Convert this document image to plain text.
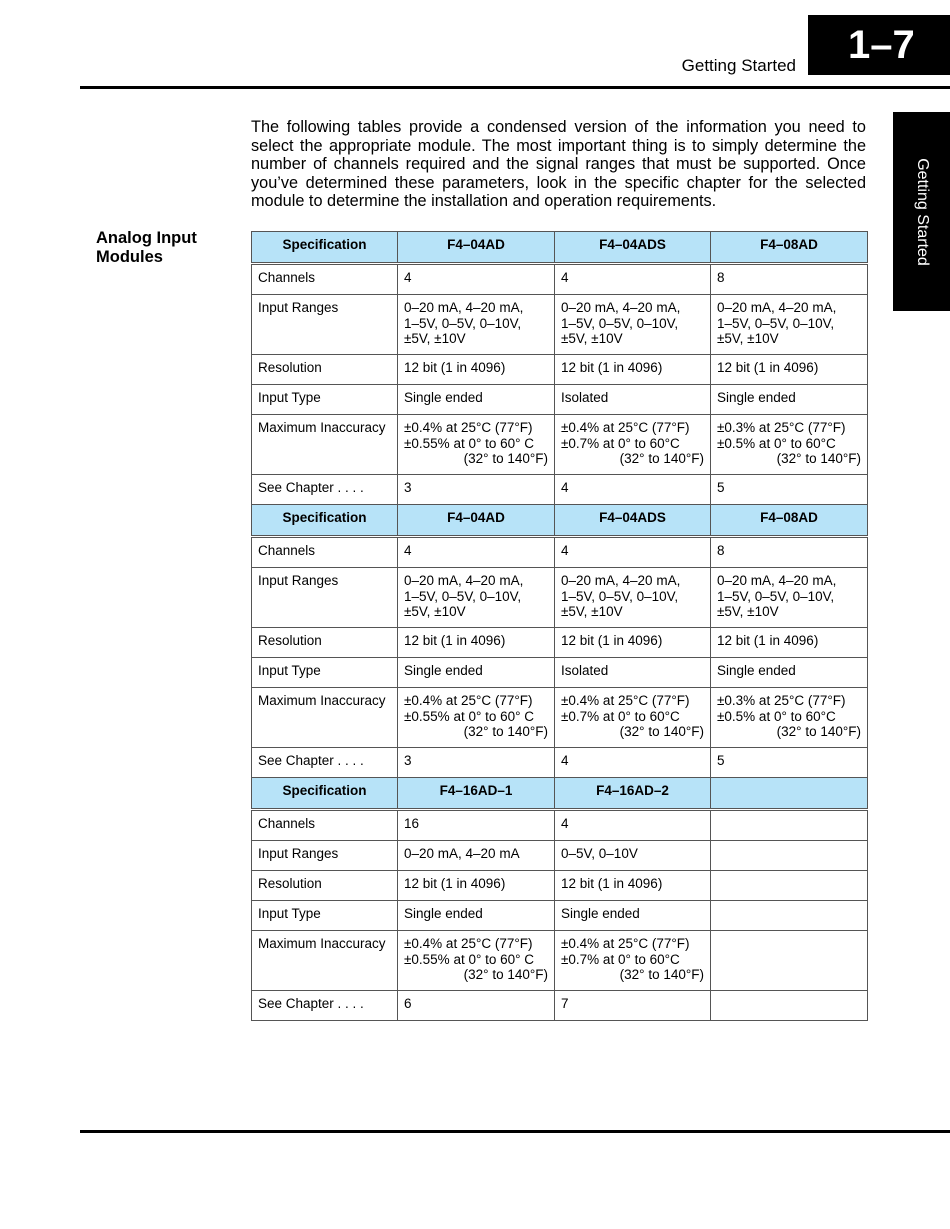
1–7
Getting Started
Getting Started

The following tables provide a condensed version of the information you need to select the appropriate module. The most important thing is to simply determine the number of channels required and the signal ranges that must be supported. Once you’ve determined these parameters, look in the specific chapter for the selected module to determine the installation and operation requirements.

Analog Input Modules

Specification	F4–04AD	F4–04ADS	F4–08AD
Channels	4	4	8
Input Ranges	0–20 mA, 4–20 mA,
1–5V, 0–5V, 0–10V,
±5V, ±10V	0–20 mA, 4–20 mA,
1–5V, 0–5V, 0–10V,
±5V, ±10V	0–20 mA, 4–20 mA,
1–5V, 0–5V, 0–10V,
±5V, ±10V
Resolution	12 bit (1 in 4096)	12 bit (1 in 4096)	12 bit (1 in 4096)
Input Type	Single ended	Isolated	Single ended
Maximum Inaccuracy	±0.4% at 25°C (77°F)
±0.55% at 0° to 60° C
(32° to 140°F)	±0.4% at 25°C (77°F)
±0.7% at 0° to 60°C
(32° to 140°F)	±0.3% at 25°C (77°F)
±0.5% at 0° to 60°C
(32° to 140°F)

See Chapter . . . .	3	4	5
Specification	F4–04AD	F4–04ADS	F4–08AD
Channels	4	4	8
Input Ranges	0–20 mA, 4–20 mA,
1–5V, 0–5V, 0–10V,
±5V, ±10V	0–20 mA, 4–20 mA,
1–5V, 0–5V, 0–10V,
±5V, ±10V	0–20 mA, 4–20 mA,
1–5V, 0–5V, 0–10V,
±5V, ±10V
Resolution	12 bit (1 in 4096)	12 bit (1 in 4096)	12 bit (1 in 4096)
Input Type	Single ended	Isolated	Single ended
Maximum Inaccuracy	±0.4% at 25°C (77°F)
±0.55% at 0° to 60° C
(32° to 140°F)	±0.4% at 25°C (77°F)
±0.7% at 0° to 60°C
(32° to 140°F)	±0.3% at 25°C (77°F)
±0.5% at 0° to 60°C
(32° to 140°F)

See Chapter . . . .	3	4	5
Specification	F4–16AD–1	F4–16AD–2	
Channels	16	4	
Input Ranges	0–20 mA, 4–20 mA	0–5V, 0–10V	
Resolution	12 bit (1 in 4096)	12 bit (1 in 4096)	
Input Type	Single ended	Single ended	
Maximum Inaccuracy	±0.4% at 25°C (77°F)
±0.55% at 0° to 60° C
(32° to 140°F)	±0.4% at 25°C (77°F)
±0.7% at 0° to 60°C
(32° to 140°F)	

See Chapter . . . .	6	7	
